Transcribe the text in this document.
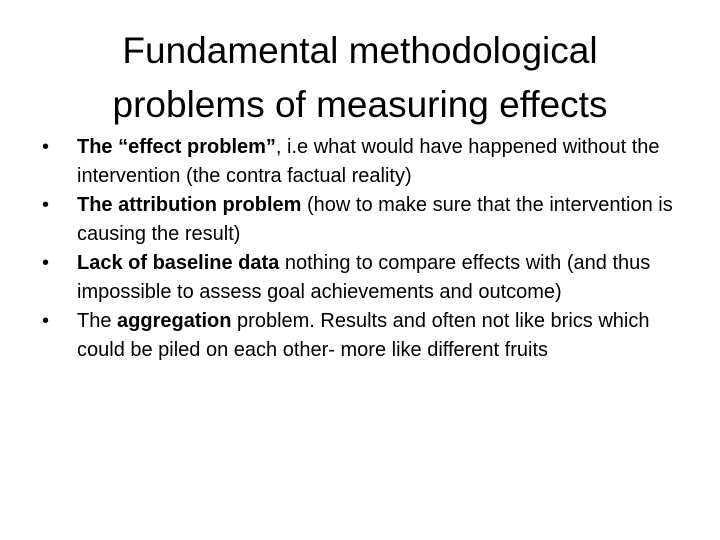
Fundamental methodological
problems of measuring effects
• The “effect problem”, i.e what would have happened without the intervention (the contra factual reality)
• The attribution problem (how to make sure that the intervention is causing the result)
• Lack of baseline data nothing to compare effects with (and thus impossible to assess goal achievements and outcome)
• The aggregation problem. Results and often not like brics which could be piled on each other- more like different fruits
